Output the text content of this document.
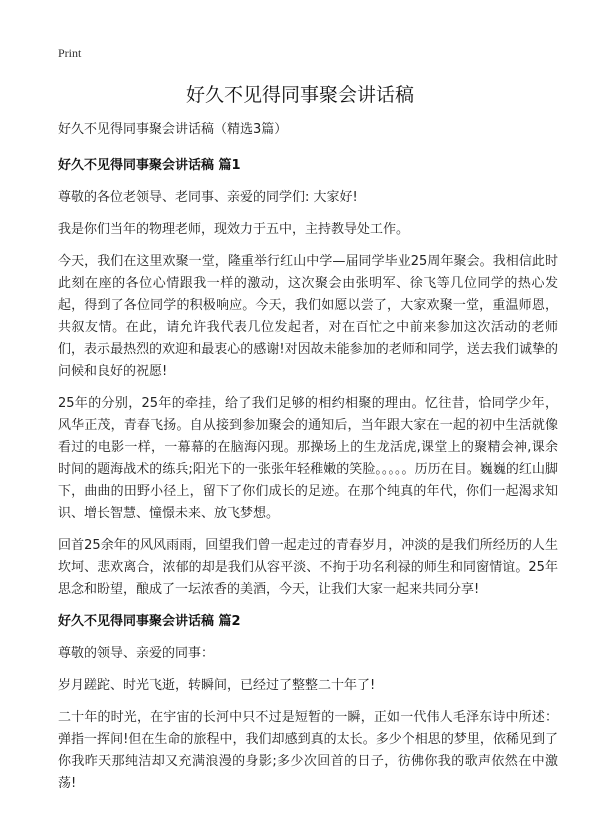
Print
好久不见得同事聚会讲话稿
好久不见得同事聚会讲话稿（精选3篇）
好久不见得同事聚会讲话稿 篇1

尊敬的各位老领导、老同事、亲爱的同学们: 大家好!

我是你们当年的物理老师，现效力于五中，主持教导处工作。

今天，我们在这里欢聚一堂，隆重举行红山中学—届同学毕业25周年聚会。我相信此时此刻在座的各位心情跟我一样的激动，这次聚会由张明军、徐飞等几位同学的热心发起，得到了各位同学的积极响应。今天，我们如愿以尝了，大家欢聚一堂，重温师恩，共叙友情。在此，请允许我代表几位发起者，对在百忙之中前来参加这次活动的老师们，表示最热烈的欢迎和最衷心的感谢!对因故未能参加的老师和同学，送去我们诚挚的问候和良好的祝愿!

25年的分别，25年的牵挂，给了我们足够的相约相聚的理由。忆往昔，恰同学少年，风华正茂，青春飞扬。自从接到参加聚会的通知后，当年跟大家在一起的初中生活就像看过的电影一样，一幕幕的在脑海闪现。那操场上的生龙活虎,课堂上的聚精会神,课余时间的题海战术的练兵;阳光下的一张张年轻稚嫩的笑脸。。。。。历历在目。巍巍的红山脚下，曲曲的田野小径上，留下了你们成长的足迹。在那个纯真的年代，你们一起渴求知识、增长智慧、憧憬未来、放飞梦想。

回首25余年的风风雨雨，回望我们曾一起走过的青春岁月，冲淡的是我们所经历的人生坎坷、悲欢离合，浓郁的却是我们从容平淡、不拘于功名利禄的师生和同窗情谊。25年思念和盼望，酿成了一坛浓香的美酒，今天，让我们大家一起来共同分享!

好久不见得同事聚会讲话稿 篇2

尊敬的领导、亲爱的同事：

岁月蹉跎、时光飞逝，转瞬间，已经过了整整二十年了!

二十年的时光，在宇宙的长河中只不过是短暂的一瞬，正如一代伟人毛泽东诗中所述：弹指一挥间!但在生命的旅程中，我们却感到真的太长。多少个相思的梦里，依稀见到了你我昨天那纯洁却又充满浪漫的身影;多少次回首的日子，彷佛你我的歌声依然在中激荡!
